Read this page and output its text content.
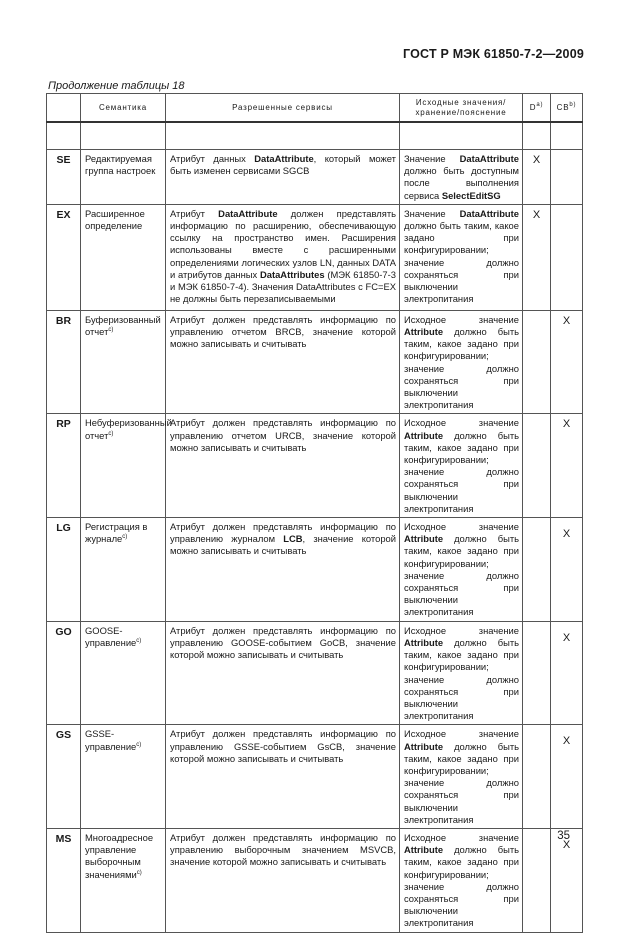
ГОСТ Р МЭК 61850-7-2—2009
Продолжение таблицы 18
	Семантика	Разрешенные сервисы	Исходные значения/ хранение/пояснение	$D^{a)}$	CB$^{b)}$

SE	Редактируемая группа настроек	Атрибут данных DataAttribute, который может быть изменен сервисами SGCB	Значение DataAttribute должно быть доступным после выполнения сервиса SelectEditSG	X	
EX	Расширенное определение	Атрибут DataAttribute должен представлять информацию по расширению, обеспечивающую ссылку на пространство имен. Расширения использованы вместе с расширенными определениями логических узлов LN, данных DATA и атрибутов данных DataAttributes (МЭК 61850-7-3 и МЭК 61850-7-4). Значения DataAttributes с FC=EX не должны быть перезаписываемыми	Значение DataAttribute должно быть таким, какое задано при конфигурировании; значение должно сохраняться при выключении электропитания	X	
BR	Буферизованный отчет$^{c)}$	Атрибут должен представлять информацию по управлению отчетом BRCB, значение которой можно записывать и считывать	Исходное значение Attribute должно быть таким, какое задано при конфигурировании; значение должно сохраняться при выключении электропитания		X
RP	Небуферизованный отчет$^{c)}$	Атрибут должен представлять информацию по управлению отчетом URCB, значение которой можно записывать и считывать	Исходное значение Attribute должно быть таким, какое задано при конфигурировании; значение должно сохраняться при выключении электропитания		X
LG	Регистрация в журнале$^{c)}$	Атрибут должен представлять информацию по управлению журналом LCB, значение которой можно записывать и считывать	Исходное значение Attribute должно быть таким, какое задано при конфигурировании; значение должно сохраняться при выключении электропитания		X
GO	GOOSE-управление$^{c)}$	Атрибут должен представлять информацию по управлению GOOSE-событием GoCB, значение которой можно записывать и считывать	Исходное значение Attribute должно быть таким, какое задано при конфигурировании; значение должно сохраняться при выключении электропитания		X
GS	GSSE-управление$^{c)}$	Атрибут должен представлять информацию по управлению GSSE-событием GsCB, значение которой можно записывать и считывать	Исходное значение Attribute должно быть таким, какое задано при конфигурировании; значение должно сохраняться при выключении электропитания		X
MS	Многоадресное управление выборочным значениями$^{c)}$	Атрибут должен представлять информацию по управлению выборочным значением MSVCB, значение которой можно записывать и считывать	Исходное значение Attribute должно быть таким, какое задано при конфигурировании; значение должно сохраняться при выключении электропитания		X
35
